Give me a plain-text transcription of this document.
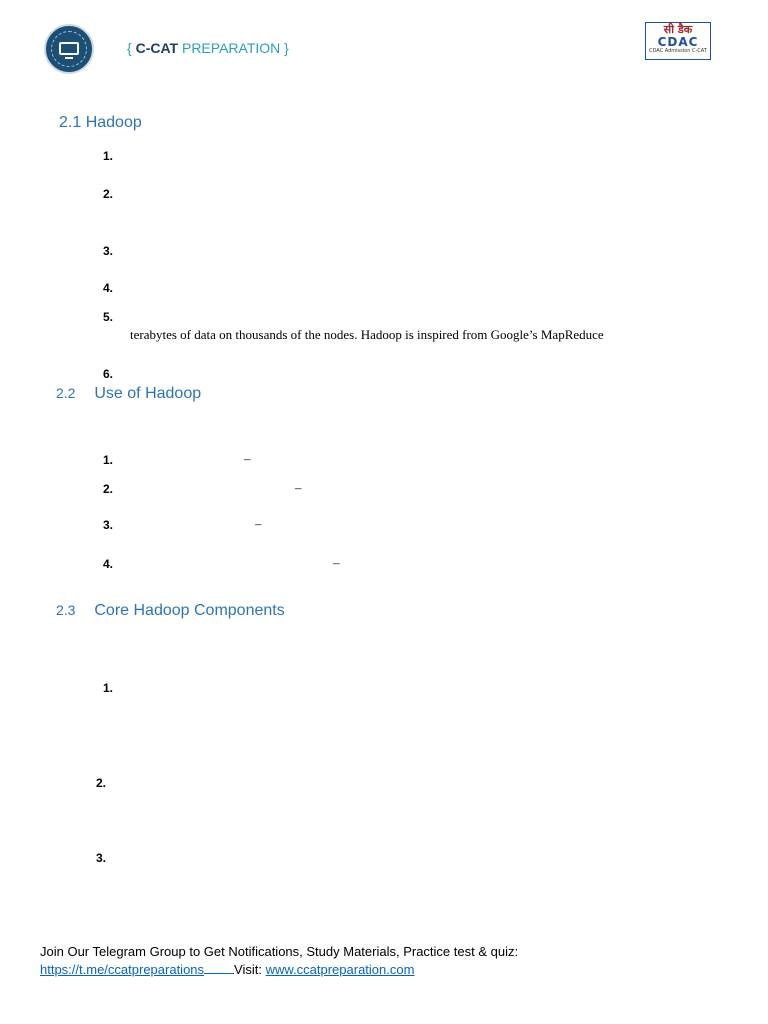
{ C-CAT PREPARATION }
सी डैक
CDAC
CDAC Admission C-CAT
2.1 Hadoop
1.
2.
3.
4.
5.
terabytes of data on thousands of the nodes. Hadoop is inspired from Google’s MapReduce
6.
2.2 Use of Hadoop
1.	–
2.	–
3.	–
4.	–
2.3 Core Hadoop Components
1.
2.
3.
Join Our Telegram Group to Get Notifications, Study Materials, Practice test & quiz:
https://t.me/ccatpreparations Visit: www.ccatpreparation.com
